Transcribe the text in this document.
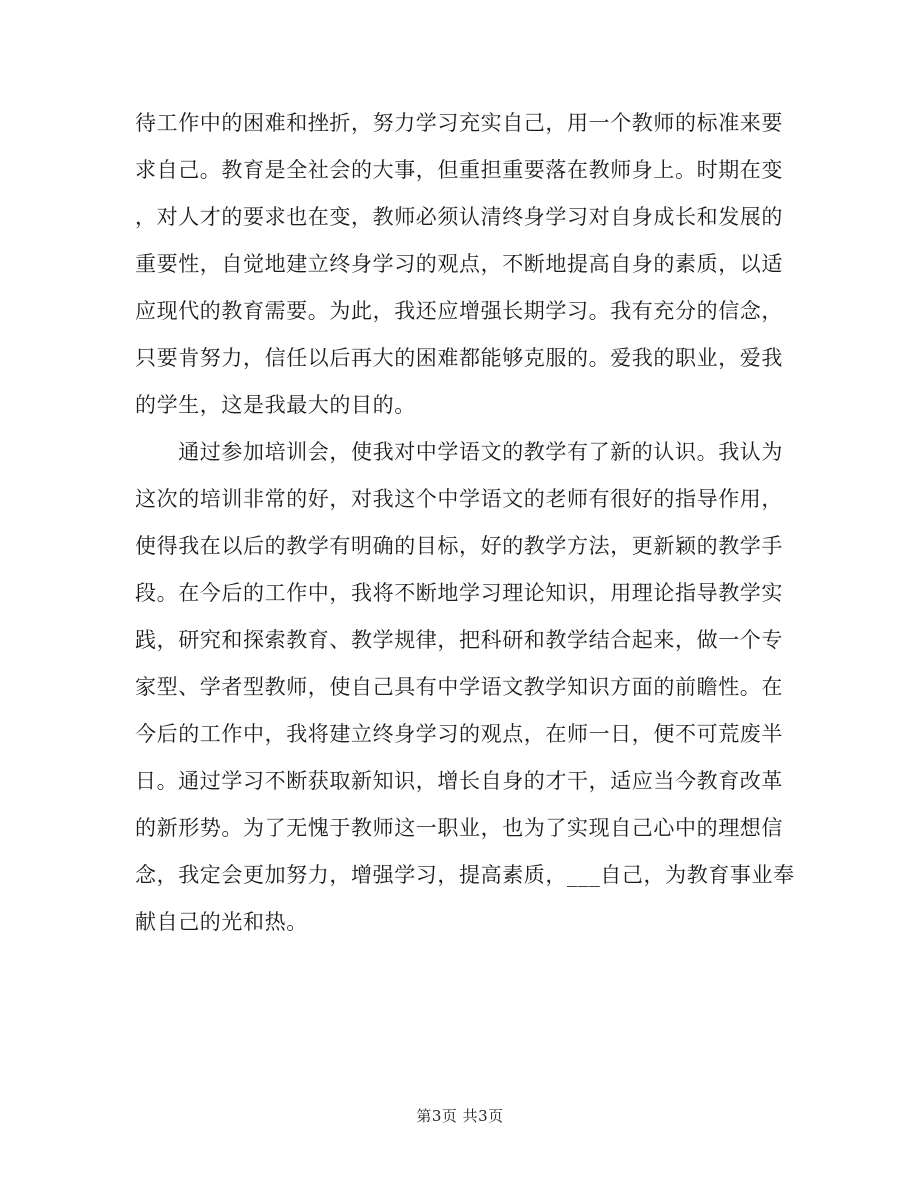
待工作中的困难和挫折，努力学习充实自己，用一个教师的标准来要
求自己。教育是全社会的大事，但重担重要落在教师身上。时期在变
，对人才的要求也在变，教师必须认清终身学习对自身成长和发展的
重要性，自觉地建立终身学习的观点，不断地提高自身的素质，以适
应现代的教育需要。为此，我还应增强长期学习。我有充分的信念，
只要肯努力，信任以后再大的困难都能够克服的。爱我的职业，爱我
的学生，这是我最大的目的。
　　通过参加培训会，使我对中学语文的教学有了新的认识。我认为
这次的培训非常的好，对我这个中学语文的老师有很好的指导作用，
使得我在以后的教学有明确的目标，好的教学方法，更新颖的教学手
段。在今后的工作中，我将不断地学习理论知识，用理论指导教学实
践，研究和探索教育、教学规律，把科研和教学结合起来，做一个专
家型、学者型教师，使自己具有中学语文教学知识方面的前瞻性。在
今后的工作中，我将建立终身学习的观点，在师一日，便不可荒废半
日。通过学习不断获取新知识，增长自身的才干，适应当今教育改革
的新形势。为了无愧于教师这一职业，也为了实现自己心中的理想信
念，我定会更加努力，增强学习，提高素质，___自己，为教育事业奉
献自己的光和热。
第3页 共3页
